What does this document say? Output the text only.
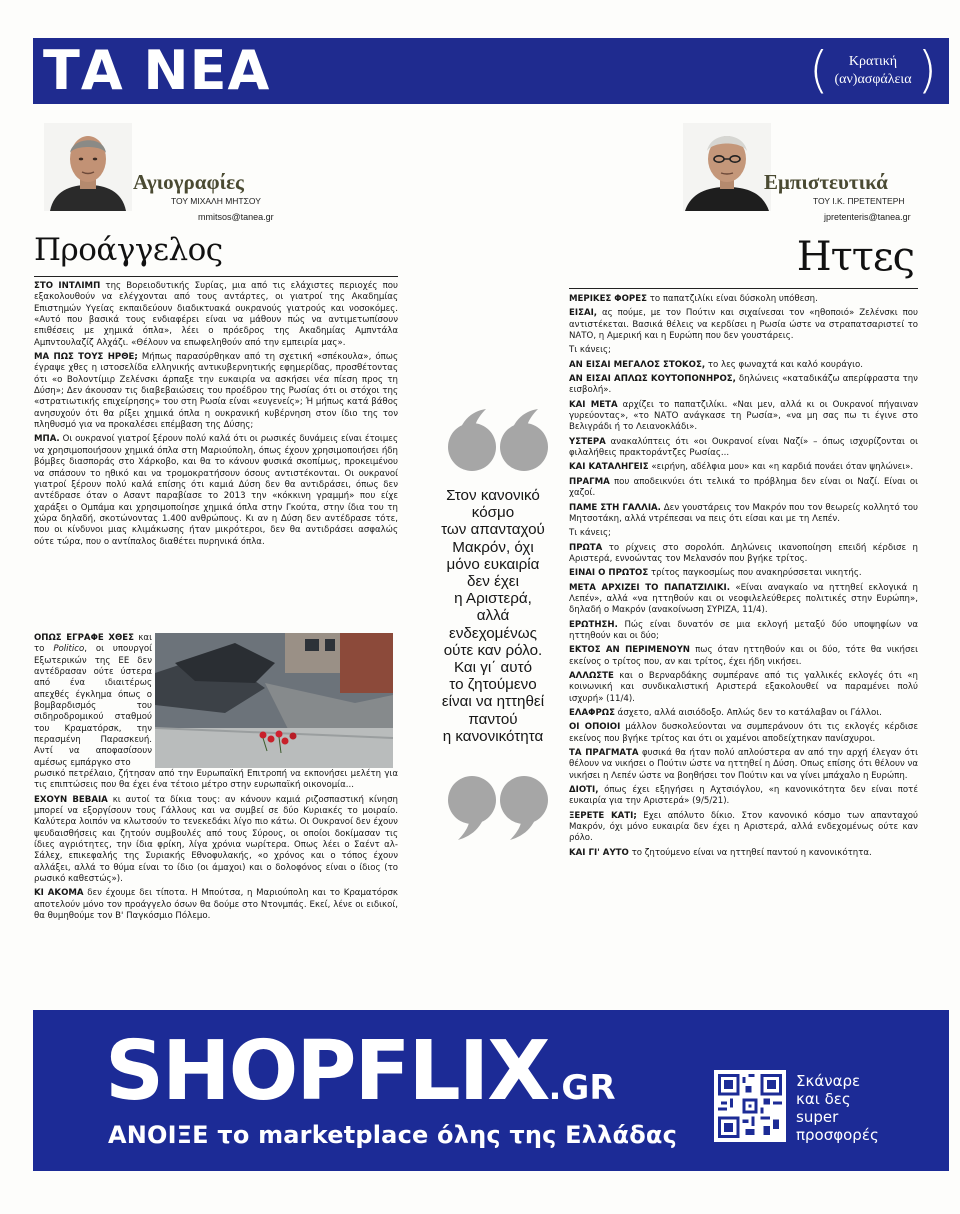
ΤΑ ΝΕΑ	(	Κρατική
(αν)ασφάλεια )
Αγιογραφίες
ΤΟΥ ΜΙΧΑΛΗ ΜΗΤΣΟΥ
mmitsos@tanea.gr
Εμπιστευτικά
ΤΟΥ Ι.Κ. ΠΡΕΤΕΝΤΕΡΗ
jpretenteris@tanea.gr
Προάγγελος	Ηττες

ΣΤΟ ΙΝΤΛΙΜΠ της Βορειοδυτικής Συρίας, μια από τις ελάχιστες περιοχές που εξακολουθούν να ελέγχονται από τους αντάρτες, οι γιατροί της Ακαδημίας Επιστημών Υγείας εκπαιδεύουν διαδικτυακά ουκρανούς γιατρούς και νοσοκόμες. «Αυτό που βασικά τους ενδιαφέρει είναι να μάθουν πώς να αντιμετωπίσουν επιθέσεις με χημικά όπλα», λέει ο πρόεδρος της Ακαδημίας Αμπντάλα Αμπντουλαζίζ Αλχάζι. «Θέλουν να επωφεληθούν από την εμπειρία μας».

ΜΑ ΠΩΣ ΤΟΥΣ ΗΡΘΕ; Μήπως παρασύρθηκαν από τη σχετική «σπέκουλα», όπως έγραψε χθες η ιστοσελίδα ελληνικής αντικυβερνητικής εφημερίδας, προσθέτοντας ότι «ο Βολοντίμιρ Ζελένσκι άρπαξε την ευκαιρία να ασκήσει νέα πίεση προς τη Δύση»; Δεν άκουσαν τις διαβεβαιώσεις του προέδρου της Ρωσίας ότι οι στόχοι της «στρατιωτικής επιχείρησης» του στη Ρωσία είναι «ευγενείς»; Ή μήπως κατά βάθος ανησυχούν ότι θα ρίξει χημικά όπλα η ουκρανική κυβέρνηση στον ίδιο της τον πληθυσμό για να προκαλέσει επέμβαση της Δύσης;

ΜΠΑ. Οι ουκρανοί γιατροί ξέρουν πολύ καλά ότι οι ρωσικές δυνάμεις είναι έτοιμες να χρησιμοποιήσουν χημικά όπλα στη Μαριούπολη, όπως έχουν χρησιμοποιήσει ήδη βόμβες διασποράς στο Χάρκοβο, και θα το κάνουν φυσικά σκοπίμως, προκειμένου να σπάσουν το ηθικό και να τρομοκρατήσουν όσους αντιστέκονται. Οι ουκρανοί γιατροί ξέρουν πολύ καλά επίσης ότι καμιά Δύση δεν θα αντιδράσει, όπως δεν αντέδρασε όταν ο Ασαντ παραβίασε το 2013 την «κόκκινη γραμμή» που είχε χαράξει ο Ομπάμα και χρησιμοποίησε χημικά όπλα στην Γκούτα, στην ίδια του τη χώρα δηλαδή, σκοτώνοντας 1.400 ανθρώπους. Κι αν η Δύση δεν αντέδρασε τότε, που οι κίνδυνοι μιας κλιμάκωσης ήταν μικρότεροι, δεν θα αντιδράσει ασφαλώς ούτε τώρα, που ο αντίπαλος διαθέτει πυρηνικά όπλα.

ΟΠΩΣ ΕΓΡΑΦΕ ΧΘΕΣ και το Politico, οι υπουργοί Εξωτερικών της ΕΕ δεν αντέδρασαν ούτε ύστερα από ένα ιδιαιτέρως απεχθές έγκλημα όπως ο βομβαρδισμός του σιδηροδρομικού σταθμού του Κραματόρσκ, την περασμένη Παρασκευή. Αντί να αποφασίσουν αμέσως εμπάργκο στο

ρωσικό πετρέλαιο, ζήτησαν από την Ευρωπαϊκή Επιτροπή να εκπονήσει μελέτη για τις επιπτώσεις που θα έχει ένα τέτοιο μέτρο στην ευρωπαϊκή οικονομία...

ΕΧΟΥΝ ΒΕΒΑΙΑ κι αυτοί τα δίκια τους: αν κάνουν καμιά ριζοσπαστική κίνηση μπορεί να εξοργίσουν τους Γάλλους και να συμβεί σε δύο Κυριακές το μοιραίο. Καλύτερα λοιπόν να κλωτσούν το τενεκεδάκι λίγο πιο κάτω. Οι Ουκρανοί δεν έχουν ψευδαισθήσεις και ζητούν συμβουλές από τους Σύρους, οι οποίοι δοκίμασαν τις ίδιες αγριότητες, την ίδια φρίκη, λίγα χρόνια νωρίτερα. Οπως λέει ο Σαέντ αλ-Σάλεχ, επικεφαλής της Συριακής Εθνοφυλακής, «ο χρόνος και ο τόπος έχουν αλλάξει, αλλά το θύμα είναι το ίδιο (οι άμαχοι) και ο δολοφόνος είναι ο ίδιος (το ρωσικό καθεστώς»).

ΚΙ ΑΚΟΜΑ δεν έχουμε δει τίποτα. Η Μπούτσα, η Μαριούπολη και το Κραματόρσκ αποτελούν μόνο τον προάγγελο όσων θα δούμε στο Ντονμπάς. Εκεί, λένε οι ειδικοί, θα θυμηθούμε τον Β' Παγκόσμιο Πόλεμο.

Στον κανονικό
κόσμο
των απανταχού
Μακρόν, όχι
μόνο ευκαιρία
δεν έχει
η Αριστερά,
αλλά
ενδεχομένως
ούτε καν ρόλο.
Και γι΄ αυτό
το ζητούμενο
είναι να ηττηθεί
παντού
η κανονικότητα

ΜΕΡΙΚΕΣ ΦΟΡΕΣ το παπατζιλίκι είναι δύσκολη υπόθεση.

ΕΙΣΑΙ, ας πούμε, με τον Πούτιν και σιχαίνεσαι τον «ηθοποιό» Ζελένσκι που αντιστέκεται. Βασικά θέλεις να κερδίσει η Ρωσία ώστε να στραπατσαριστεί το ΝΑΤΟ, η Αμερική και η Ευρώπη που δεν γουστάρεις.

Τι κάνεις;

ΑΝ ΕΙΣΑΙ ΜΕΓΑΛΟΣ ΣΤΟΚΟΣ, το λες φωναχτά και καλό κουράγιο.

ΑΝ ΕΙΣΑΙ ΑΠΛΩΣ ΚΟΥΤΟΠΟΝΗΡΟΣ, δηλώνεις «καταδικάζω απερίφραστα την εισβολή».

ΚΑΙ ΜΕΤΑ αρχίζει το παπατζιλίκι. «Ναι μεν, αλλά κι οι Ουκρανοί πήγαιναν γυρεύοντας», «το ΝΑΤΟ ανάγκασε τη Ρωσία», «να μη σας πω τι έγινε στο Βελιγράδι ή το Λειανοκλάδι».

ΥΣΤΕΡΑ ανακαλύπτεις ότι «οι Ουκρανοί είναι Ναζί» – όπως ισχυρίζονται οι φιλαλήθεις πρακτοράντζες Ρωσίας...

ΚΑΙ ΚΑΤΑΛΗΓΕΙΣ «ειρήνη, αδέλφια μου» και «η καρδιά πονάει όταν ψηλώνει».

ΠΡΑΓΜΑ που αποδεικνύει ότι τελικά το πρόβλημα δεν είναι οι Ναζί. Είναι οι χαζοί.

ΠΑΜΕ ΣΤΗ ΓΑΛΛΙΑ. Δεν γουστάρεις τον Μακρόν που τον θεωρείς κολλητό του Μητσοτάκη, αλλά ντρέπεσαι να πεις ότι είσαι και με τη Λεπέν.

Τι κάνεις;

ΠΡΩΤΑ το ρίχνεις στο σορολόπ. Δηλώνεις ικανοποίηση επειδή κέρδισε η Αριστερά, εννοώντας τον Μελανσόν που βγήκε τρίτος.

ΕΙΝΑΙ Ο ΠΡΩΤΟΣ τρίτος παγκοσμίως που ανακηρύσσεται νικητής.

ΜΕΤΑ ΑΡΧΙΖΕΙ ΤΟ ΠΑΠΑΤΖΙΛΙΚΙ. «Είναι αναγκαίο να ηττηθεί εκλογικά η Λεπέν», αλλά «να ηττηθούν και οι νεοφιλελεύθερες πολιτικές στην Ευρώπη», δηλαδή ο Μακρόν (ανακοίνωση ΣΥΡΙΖΑ, 11/4).

ΕΡΩΤΗΣΗ. Πώς είναι δυνατόν σε μια εκλογή μεταξύ δύο υποψηφίων να ηττηθούν και οι δύο;

ΕΚΤΟΣ ΑΝ ΠΕΡΙΜΕΝΟΥΝ πως όταν ηττηθούν και οι δύο, τότε θα νικήσει εκείνος ο τρίτος που, αν και τρίτος, έχει ήδη νικήσει.

ΑΛΛΩΣΤΕ και ο Βερναρδάκης συμπέρανε από τις γαλλικές εκλογές ότι «η κοινωνική και συνδικαλιστική Αριστερά εξακολουθεί να παραμένει πολύ ισχυρή» (11/4).

ΕΛΑΦΡΩΣ άσχετο, αλλά αισιόδοξο. Απλώς δεν το κατάλαβαν οι Γάλλοι.

ΟΙ ΟΠΟΙΟΙ μάλλον δυσκολεύονται να συμπεράνουν ότι τις εκλογές κέρδισε εκείνος που βγήκε τρίτος και ότι οι χαμένοι αποδείχτηκαν πανίσχυροι.

ΤΑ ΠΡΑΓΜΑΤΑ φυσικά θα ήταν πολύ απλούστερα αν από την αρχή έλεγαν ότι θέλουν να νικήσει ο Πούτιν ώστε να ηττηθεί η Δύση. Οπως επίσης ότι θέλουν να νικήσει η Λεπέν ώστε να βοηθήσει τον Πούτιν και να γίνει μπάχαλο η Ευρώπη.

ΔΙΟΤΙ, όπως έχει εξηγήσει η Αχτσιόγλου, «η κανονικότητα δεν είναι ποτέ ευκαιρία για την Αριστερά» (9/5/21).

ΞΕΡΕΤΕ ΚΑΤΙ; Εχει απόλυτο δίκιο. Στον κανονικό κόσμο των απανταχού Μακρόν, όχι μόνο ευκαιρία δεν έχει η Αριστερά, αλλά ενδεχομένως ούτε καν ρόλο.

ΚΑΙ ΓΙ' ΑΥΤΟ το ζητούμενο είναι να ηττηθεί παντού η κανονικότητα.

SHOPFLIX.GR
ΑΝΟΙΞΕ το marketplace όλης της Ελλάδας
Σκάναρε
και δες
super
προσφορές
